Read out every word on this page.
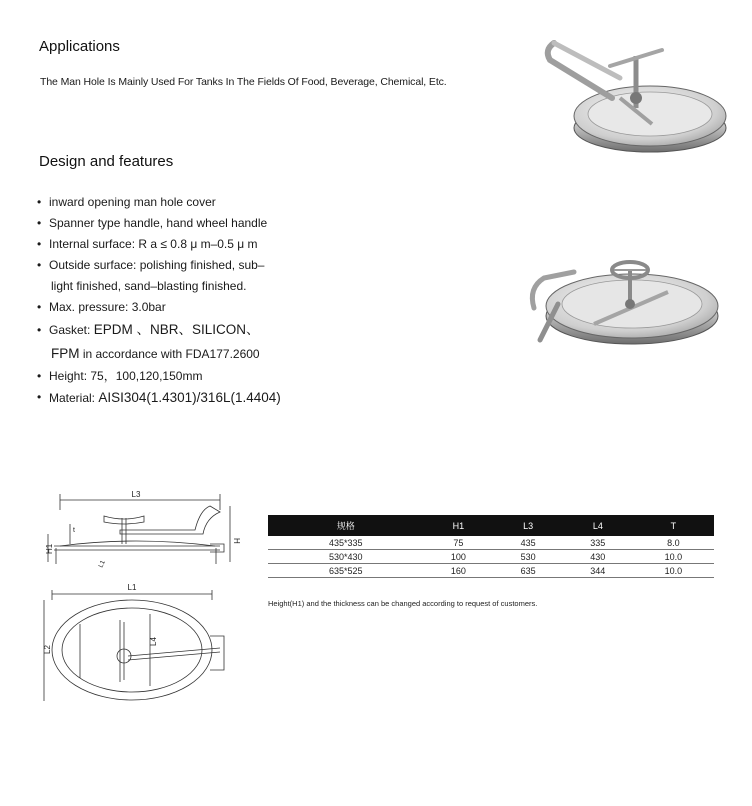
Applications
The Man Hole Is Mainly Used For Tanks In The Fields Of Food, Beverage, Chemical, Etc.
Design and features
• inward opening man hole cover
• Spanner type handle, hand wheel handle
• Internal surface: R a ≤ 0.8 μ m–0.5 μ m
• Outside surface: polishing finished, sub–
light finished, sand–blasting finished.
• Max. pressure: 3.0bar
• Gasket: EPDM 、NBR、SILICON、
FPM in accordance with FDA177.2600
• Height: 75，100,120,150mm
• Material: AISI304(1.4301)/316L(1.4404)
L3
H
H1
t
L1
L1
L2
L4
规格	H1	L3	L4	T
435*335	75	435	335	8.0
530*430	100	530	430	10.0
635*525	160	635	344	10.0
Height(H1) and the thickness can be changed according to request of customers.
